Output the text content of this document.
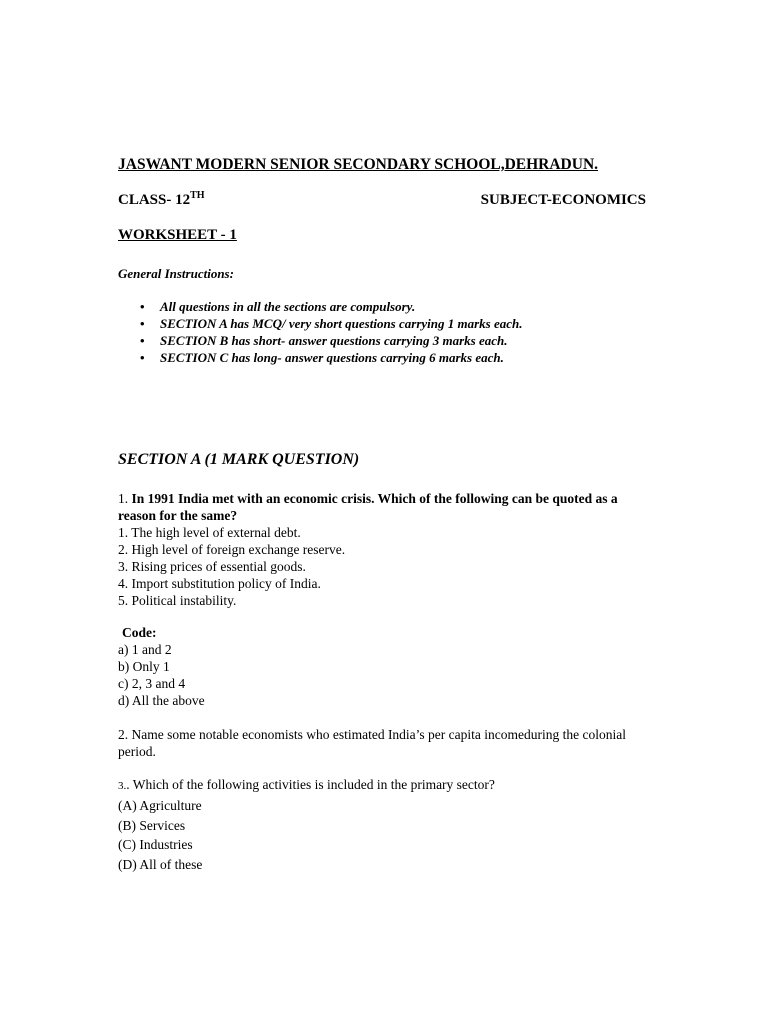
JASWANT MODERN SENIOR SECONDARY SCHOOL,DEHRADUN.
CLASS- 12TH	SUBJECT-ECONOMICS
WORKSHEET - 1
General Instructions:
• All questions in all the sections are compulsory.
• SECTION A has MCQ/ very short questions carrying 1 marks each.
• SECTION B has short- answer questions carrying 3 marks each.
• SECTION C has long- answer questions carrying 6 marks each.
SECTION A (1 MARK QUESTION)
1. In 1991 India met with an economic crisis. Which of the following can be quoted as a reason for the same?
1. The high level of external debt.
2. High level of foreign exchange reserve.
3. Rising prices of essential goods.
4. Import substitution policy of India.
5. Political instability.
Code:
a) 1 and 2
b) Only 1
c) 2, 3 and 4
d) All the above
2. Name some notable economists who estimated India’s per capita incomeduring the colonial period.
3.. Which of the following activities is included in the primary sector?
(A) Agriculture
(B) Services
(C) Industries
(D) All of these
